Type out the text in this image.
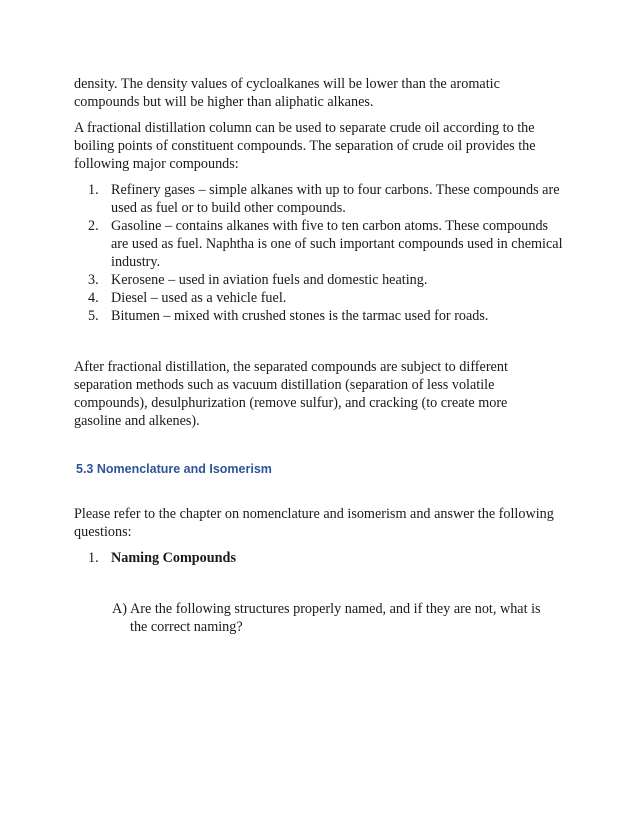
density. The density values of cycloalkanes will be lower than the aromatic compounds but will be higher than aliphatic alkanes.

A fractional distillation column can be used to separate crude oil according to the boiling points of constituent compounds. The separation of crude oil provides the following major compounds:

1. Refinery gases – simple alkanes with up to four carbons. These compounds are used as fuel or to build other compounds.
2. Gasoline – contains alkanes with five to ten carbon atoms. These compounds are used as fuel. Naphtha is one of such important compounds used in chemical industry.
3. Kerosene – used in aviation fuels and domestic heating.
4. Diesel – used as a vehicle fuel.
5. Bitumen – mixed with crushed stones is the tarmac used for roads.

After fractional distillation, the separated compounds are subject to different separation methods such as vacuum distillation (separation of less volatile compounds), desulphurization (remove sulfur), and cracking (to create more gasoline and alkenes).

5.3 Nomenclature and Isomerism

Please refer to the chapter on nomenclature and isomerism and answer the following questions:

1. Naming Compounds
A) Are the following structures properly named, and if they are not, what is the correct naming?
